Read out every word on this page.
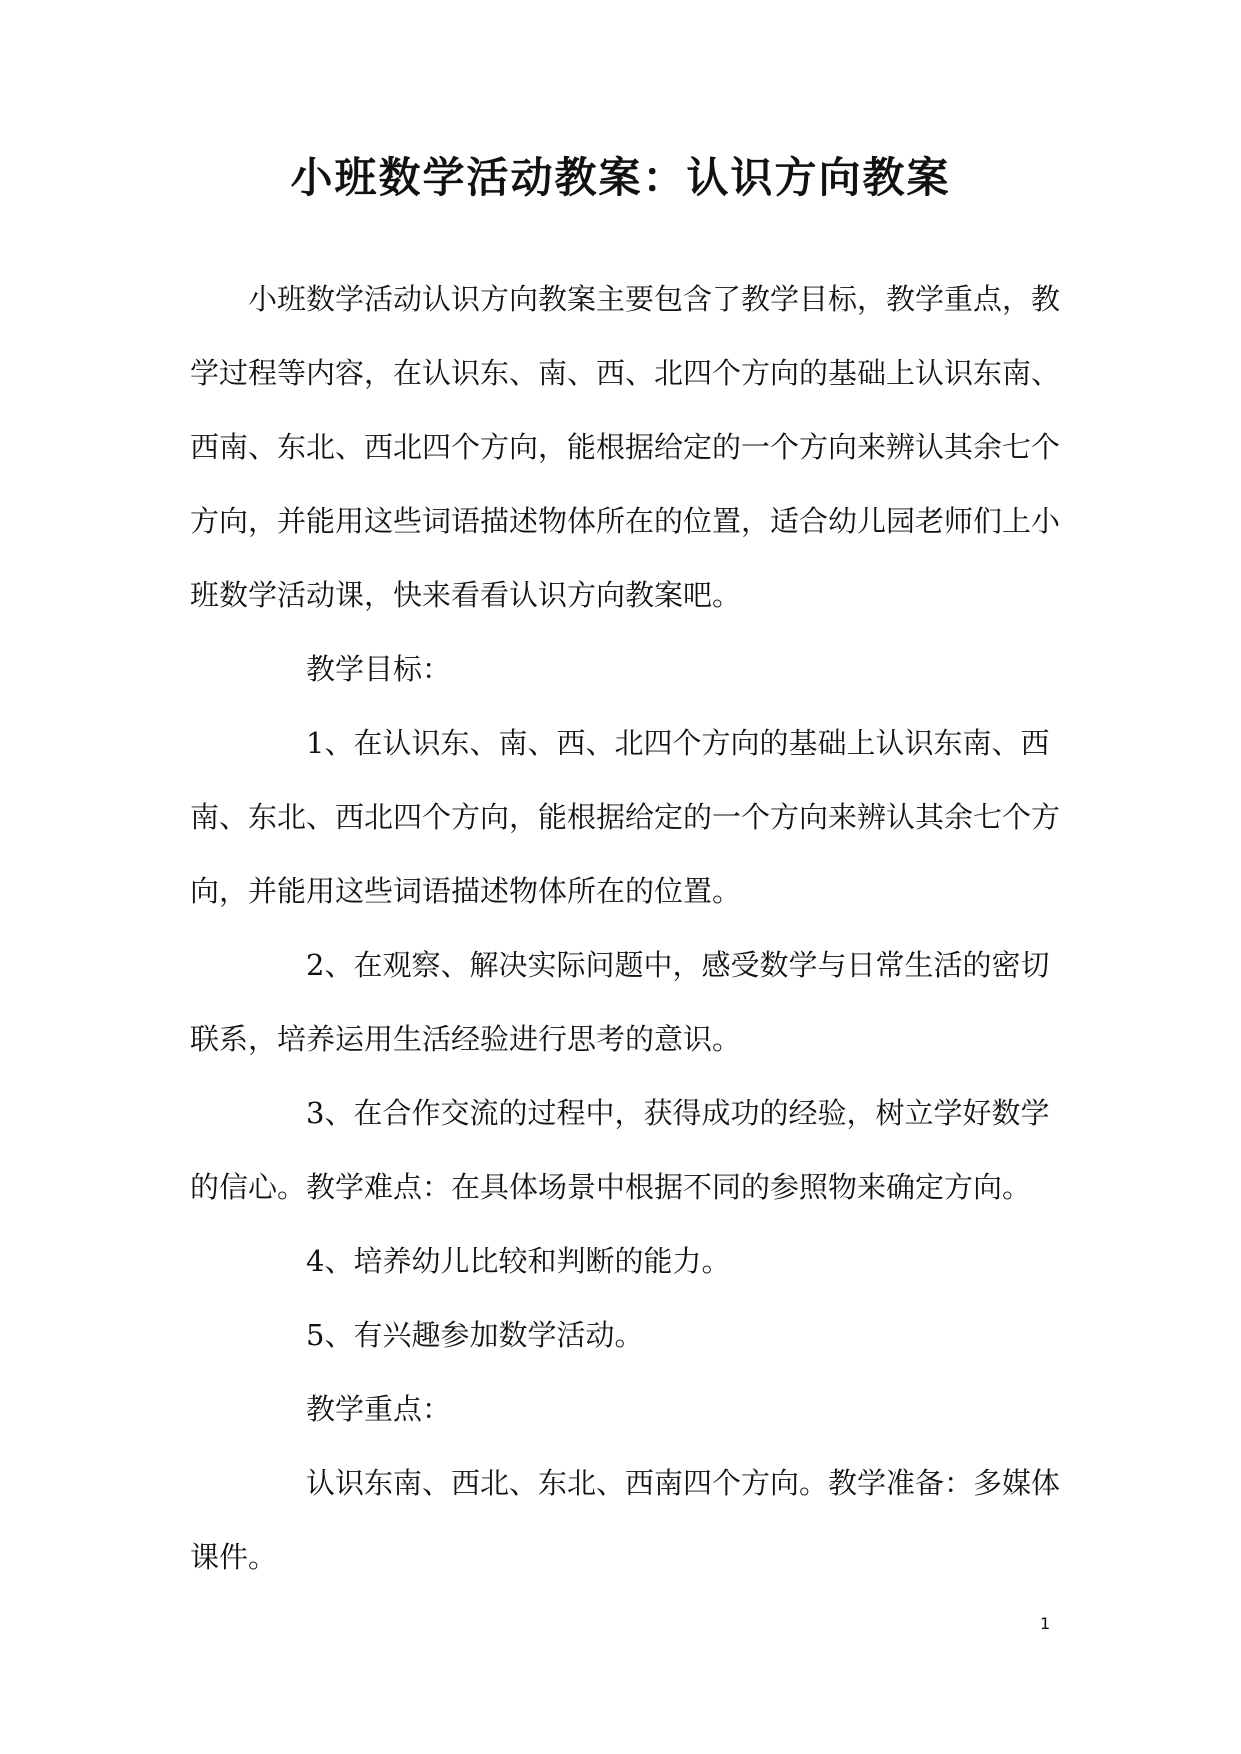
小班数学活动教案：认识方向教案

小班数学活动认识方向教案主要包含了教学目标，教学重点，教学过程等内容，在认识东、南、西、北四个方向的基础上认识东南、西南、东北、西北四个方向，能根据给定的一个方向来辨认其余七个方向，并能用这些词语描述物体所在的位置，适合幼儿园老师们上小班数学活动课，快来看看认识方向教案吧。

教学目标：

1、在认识东、南、西、北四个方向的基础上认识东南、西南、东北、西北四个方向，能根据给定的一个方向来辨认其余七个方向，并能用这些词语描述物体所在的位置。

2、在观察、解决实际问题中，感受数学与日常生活的密切联系，培养运用生活经验进行思考的意识。

3、在合作交流的过程中，获得成功的经验，树立学好数学的信心。教学难点：在具体场景中根据不同的参照物来确定方向。

4、培养幼儿比较和判断的能力。

5、有兴趣参加数学活动。

教学重点：

认识东南、西北、东北、西南四个方向。教学准备：多媒体课件。

1
